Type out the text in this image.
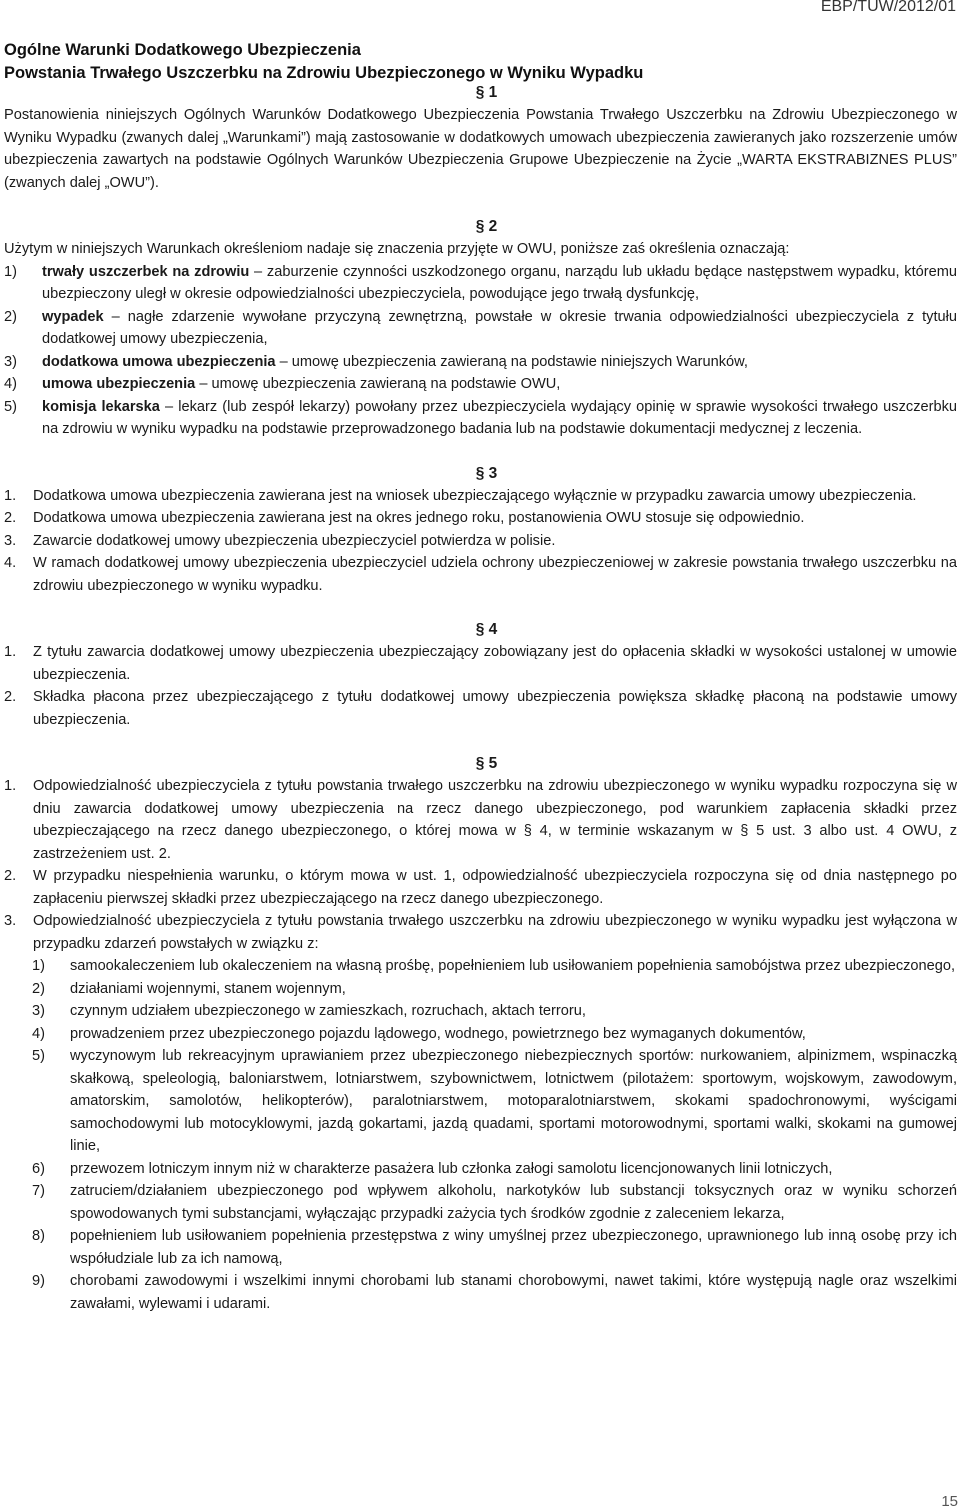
EBP/TUW/2012/01
Ogólne Warunki Dodatkowego Ubezpieczenia
Powstania Trwałego Uszczerbku na Zdrowiu Ubezpieczonego w Wyniku Wypadku
§ 1

Postanowienia niniejszych Ogólnych Warunków Dodatkowego Ubezpieczenia Powstania Trwałego Uszczerbku na Zdrowiu Ubezpieczonego w Wyniku Wypadku (zwanych dalej „Warunkami”) mają zastosowanie w dodatkowych umowach ubezpieczenia zawieranych jako rozszerzenie umów ubezpieczenia zawartych na podstawie Ogólnych Warunków Ubezpieczenia Grupowe Ubezpieczenie na Życie „WARTA EKSTRABIZNES PLUS” (zwanych dalej „OWU”).

§ 2

Użytym w niniejszych Warunkach określeniom nadaje się znaczenia przyjęte w OWU, poniższe zaś określenia oznaczają:

1)	trwały uszczerbek na zdrowiu – zaburzenie czynności uszkodzonego organu, narządu lub układu będące następstwem wypadku, któremu ubezpieczony uległ w okresie odpowiedzialności ubezpieczyciela, powodujące jego trwałą dysfunkcję,
2)	wypadek – nagłe zdarzenie wywołane przyczyną zewnętrzną, powstałe w okresie trwania odpowiedzialności ubezpieczyciela z tytułu dodatkowej umowy ubezpieczenia,
3)	dodatkowa umowa ubezpieczenia – umowę ubezpieczenia zawieraną na podstawie niniejszych Warunków,
4)	umowa ubezpieczenia – umowę ubezpieczenia zawieraną na podstawie OWU,
5)	komisja lekarska – lekarz (lub zespół lekarzy) powołany przez ubezpieczyciela wydający opinię w sprawie wysokości trwałego uszczerbku na zdrowiu w wyniku wypadku na podstawie przeprowadzonego badania lub na podstawie dokumentacji medycznej z leczenia.
§ 3
1.	Dodatkowa umowa ubezpieczenia zawierana jest na wniosek ubezpieczającego wyłącznie w przypadku zawarcia umowy ubezpieczenia.
2.	Dodatkowa umowa ubezpieczenia zawierana jest na okres jednego roku, postanowienia OWU stosuje się odpowiednio.
3.	Zawarcie dodatkowej umowy ubezpieczenia ubezpieczyciel potwierdza w polisie.
4.	W ramach dodatkowej umowy ubezpieczenia ubezpieczyciel udziela ochrony ubezpieczeniowej w zakresie powstania trwałego uszczerbku na zdrowiu ubezpieczonego w wyniku wypadku.
§ 4
1.	Z tytułu zawarcia dodatkowej umowy ubezpieczenia ubezpieczający zobowiązany jest do opłacenia składki w wysokości ustalonej w umowie ubezpieczenia.
2.	Składka płacona przez ubezpieczającego z tytułu dodatkowej umowy ubezpieczenia powiększa składkę płaconą na podstawie umowy ubezpieczenia.
§ 5
1.	Odpowiedzialność ubezpieczyciela z tytułu powstania trwałego uszczerbku na zdrowiu ubezpieczonego w wyniku wypadku rozpoczyna się w dniu zawarcia dodatkowej umowy ubezpieczenia na rzecz danego ubezpieczonego, pod warunkiem zapłacenia składki przez ubezpieczającego na rzecz danego ubezpieczonego, o której mowa w § 4, w terminie wskazanym w § 5 ust. 3 albo ust. 4 OWU, z zastrzeżeniem ust. 2.
2.	W przypadku niespełnienia warunku, o którym mowa w ust. 1, odpowiedzialność ubezpieczyciela rozpoczyna się od dnia następnego po zapłaceniu pierwszej składki przez ubezpieczającego na rzecz danego ubezpieczonego.
3.	Odpowiedzialność ubezpieczyciela z tytułu powstania trwałego uszczerbku na zdrowiu ubezpieczonego w wyniku wypadku jest wyłączona w przypadku zdarzeń powstałych w związku z:
1)	samookaleczeniem lub okaleczeniem na własną prośbę, popełnieniem lub usiłowaniem popełnienia samobójstwa przez ubezpieczonego,
2)	działaniami wojennymi, stanem wojennym,
3)	czynnym udziałem ubezpieczonego w zamieszkach, rozruchach, aktach terroru,
4)	prowadzeniem przez ubezpieczonego pojazdu lądowego, wodnego, powietrznego bez wymaganych dokumentów,
5)	wyczynowym lub rekreacyjnym uprawianiem przez ubezpieczonego niebezpiecznych sportów: nurkowaniem, alpinizmem, wspinaczką skałkową, speleologią, baloniarstwem, lotniarstwem, szybownictwem, lotnictwem (pilotażem: sportowym, wojskowym, zawodowym, amatorskim, samolotów, helikopterów), paralotniarstwem, motoparalotniarstwem, skokami spadochronowymi, wyścigami samochodowymi lub motocyklowymi, jazdą gokartami, jazdą quadami, sportami motorowodnymi, sportami walki, skokami na gumowej linie,
6)	przewozem lotniczym innym niż w charakterze pasażera lub członka załogi samolotu licencjonowanych linii lotniczych,
7)	zatruciem/działaniem ubezpieczonego pod wpływem alkoholu, narkotyków lub substancji toksycznych oraz w wyniku schorzeń spowodowanych tymi substancjami, wyłączając przypadki zażycia tych środków zgodnie z zaleceniem lekarza,
8)	popełnieniem lub usiłowaniem popełnienia przestępstwa z winy umyślnej przez ubezpieczonego, uprawnionego lub inną osobę przy ich współudziale lub za ich namową,
9)	chorobami zawodowymi i wszelkimi innymi chorobami lub stanami chorobowymi, nawet takimi, które występują nagle oraz wszelkimi zawałami, wylewami i udarami.
15
